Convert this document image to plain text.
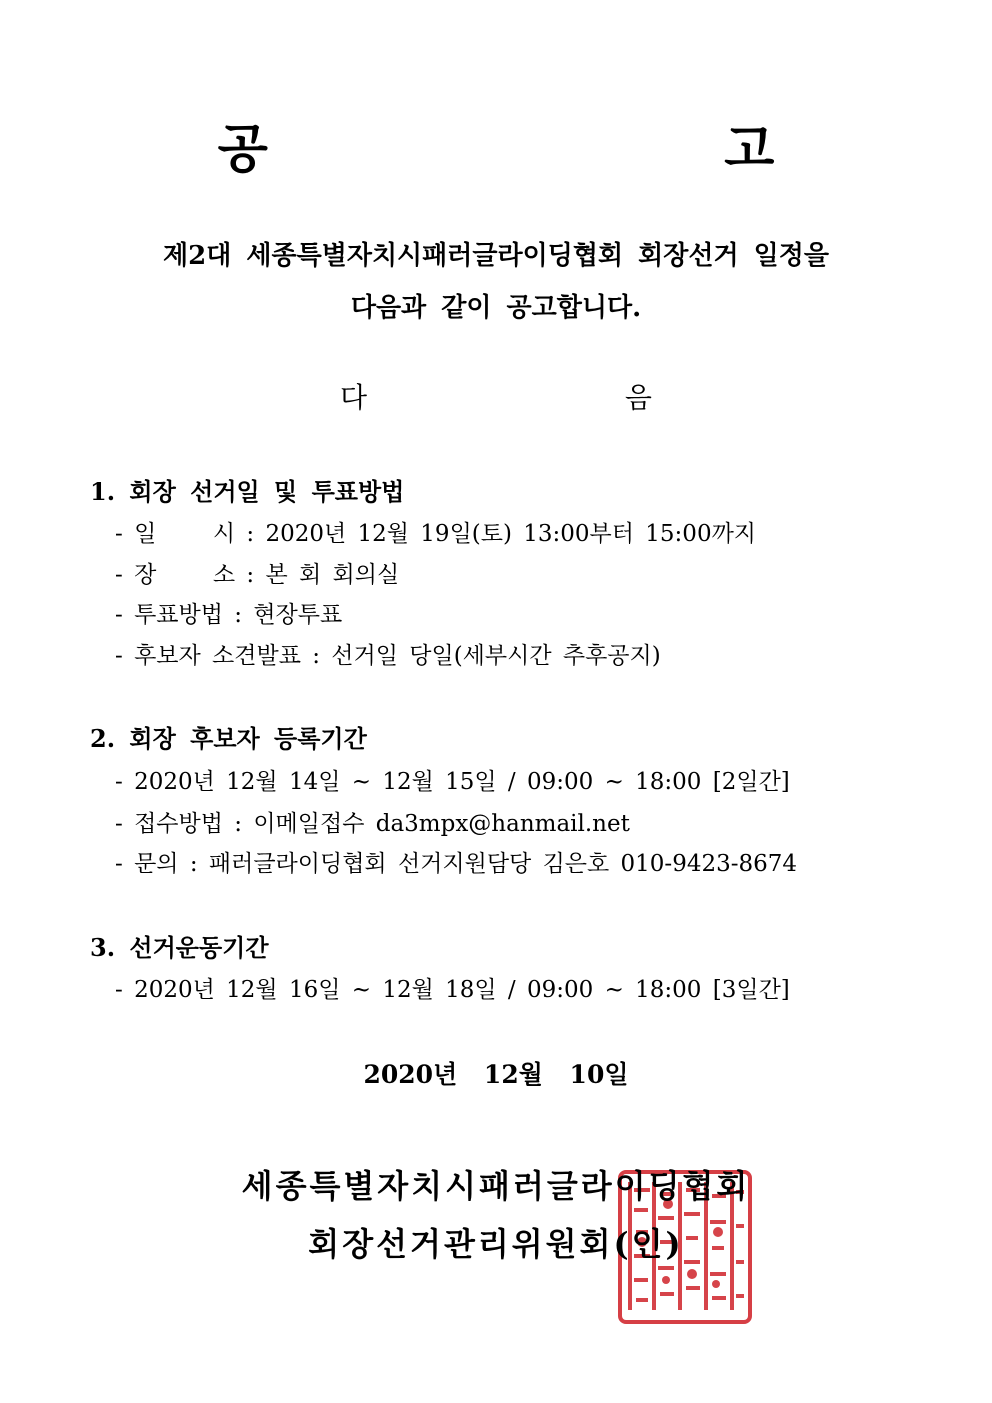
공  고
제2대 세종특별자치시패러글라이딩협회 회장선거 일정을
다음과 같이 공고합니다.
다  음
1. 회장 선거일 및 투표방법
- 일     시 : 2020년 12월 19일(토) 13:00부터 15:00까지
- 장     소 : 본 회 회의실
- 투표방법 : 현장투표
- 후보자 소견발표 : 선거일 당일(세부시간 추후공지)
2. 회장 후보자 등록기간
- 2020년 12월 14일 ~ 12월 15일 / 09:00 ~ 18:00 [2일간]
- 접수방법 : 이메일접수 da3mpx@hanmail.net
- 문의 : 패러글라이딩협회 선거지원담당 김은호 010-9423-8674
3. 선거운동기간
- 2020년 12월 16일 ~ 12월 18일 / 09:00 ~ 18:00 [3일간]
2020년 12월 10일
세종특별자치시패러글라이딩협회
회장선거관리위원회(인)
